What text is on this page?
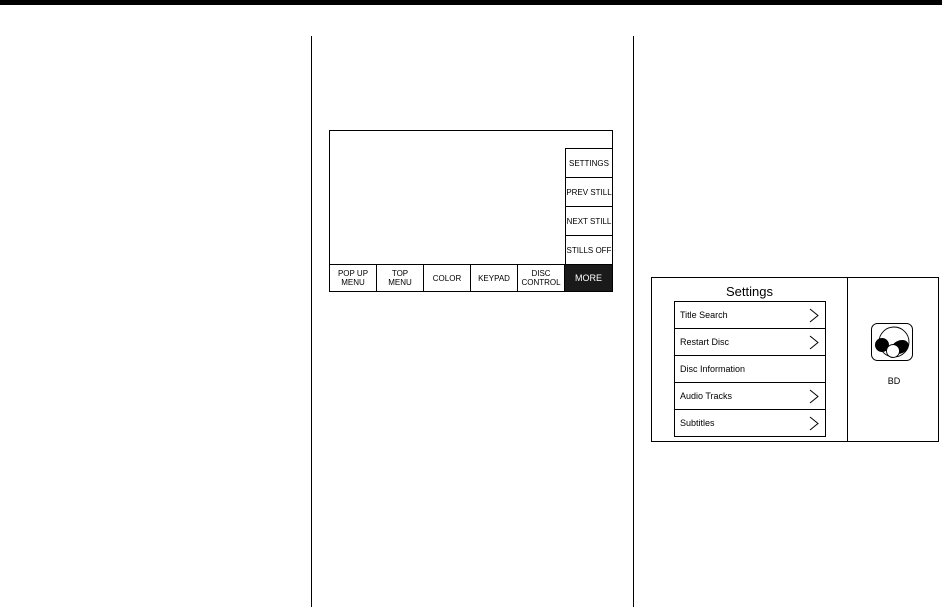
SETTINGS
PREV STILL
NEXT STILL
STILLS OFF
POP UP
MENU
TOP
MENU	COLOR	KEYPAD	DISC
CONTROL	MORE
Settings
Title Search
Restart Disc
Disc Information
Audio Tracks
Subtitles
BD
